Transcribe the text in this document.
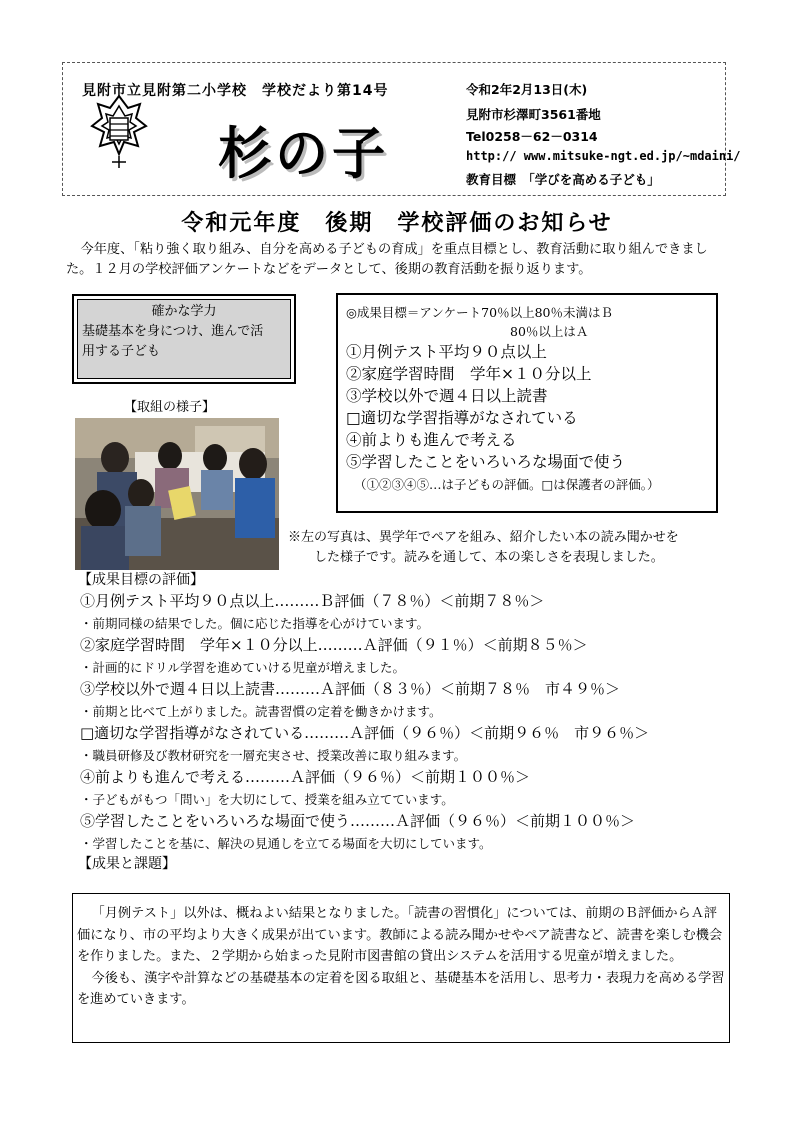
見附市立見附第二小学校　学校だより第14号
杉の子
令和2年2月13日(木)
見附市杉澤町3561番地
Tel0258－62－0314
http:// www.mitsuke-ngt.ed.jp/~mdaini/
教育目標　「学びを高める子ども」
令和元年度　後期　学校評価のお知らせ

今年度、「粘り強く取り組み、自分を高める子どもの育成」を重点目標とし、教育活動に取り組んできました。１２月の学校評価アンケートなどをデータとして、後期の教育活動を振り返ります。

確かな学力
基礎基本を身につけ、進んで活
用する子ども
【取組の様子】
◎成果目標＝アンケート70％以上80％未満はＢ
80％以上はＡ
①月例テスト平均９０点以上
②家庭学習時間　学年×１０分以上
③学校以外で週４日以上読書
□適切な学習指導がなされている
④前よりも進んで考える
⑤学習したことをいろいろな場面で使う
（①②③④⑤…は子どもの評価。□は保護者の評価。）
※左の写真は、異学年でペアを組み、紹介したい本の読み聞かせを
した様子です。読みを通して、本の楽しさを表現しました。
【成果目標の評価】
①月例テスト平均９０点以上………Ｂ評価（７８％）＜前期７８％＞
・前期同様の結果でした。個に応じた指導を心がけています。
②家庭学習時間　学年×１０分以上………Ａ評価（９１％）＜前期８５％＞
・計画的にドリル学習を進めていける児童が増えました。
③学校以外で週４日以上読書………Ａ評価（８３％）＜前期７８％　市４９％＞
・前期と比べて上がりました。読書習慣の定着を働きかけます。
□適切な学習指導がなされている………Ａ評価（９６％）＜前期９６％　市９６％＞
・職員研修及び教材研究を一層充実させ、授業改善に取り組みます。
④前よりも進んで考える………Ａ評価（９６％）＜前期１００％＞
・子どもがもつ「問い」を大切にして、授業を組み立てています。
⑤学習したことをいろいろな場面で使う………Ａ評価（９６％）＜前期１００％＞
・学習したことを基に、解決の見通しを立てる場面を大切にしています。
【成果と課題】

「月例テスト」以外は、概ねよい結果となりました。「読書の習慣化」については、前期のＢ評価からＡ評価になり、市の平均より大きく成果が出ています。教師による読み聞かせやペア読書など、読書を楽しむ機会を作りました。また、２学期から始まった見附市図書館の貸出システムを活用する児童が増えました。

今後も、漢字や計算などの基礎基本の定着を図る取組と、基礎基本を活用し、思考力・表現力を高める学習を進めていきます。
